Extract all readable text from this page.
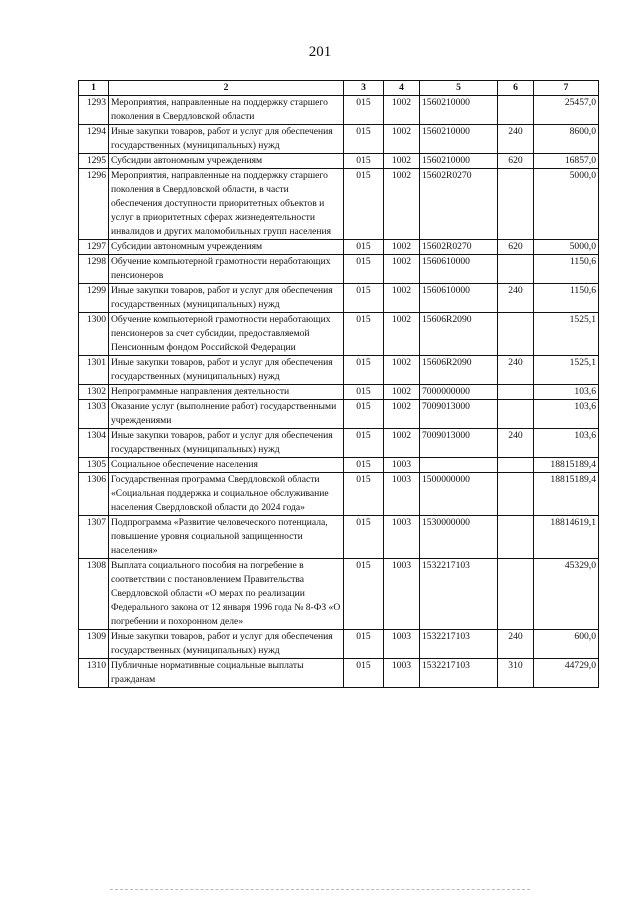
201
1	2	3	4	5	6	7
1293	Мероприятия, направленные на поддержку старшего поколения в Свердловской области	015	1002	1560210000		25457,0
1294	Иные закупки товаров, работ и услуг для обеспечения государственных (муниципальных) нужд	015	1002	1560210000	240	8600,0
1295	Субсидии автономным учреждениям	015	1002	1560210000	620	16857,0
1296	Мероприятия, направленные на поддержку старшего поколения в Свердловской области, в части обеспечения доступности приоритетных объектов и услуг в приоритетных сферах жизнедеятельности инвалидов и других маломобильных групп населения	015	1002	15602R0270		5000,0
1297	Субсидии автономным учреждениям	015	1002	15602R0270	620	5000,0
1298	Обучение компьютерной грамотности неработающих пенсионеров	015	1002	1560610000		1150,6
1299	Иные закупки товаров, работ и услуг для обеспечения государственных (муниципальных) нужд	015	1002	1560610000	240	1150,6
1300	Обучение компьютерной грамотности неработающих пенсионеров за счет субсидии, предоставляемой Пенсионным фондом Российской Федерации	015	1002	15606R2090		1525,1
1301	Иные закупки товаров, работ и услуг для обеспечения государственных (муниципальных) нужд	015	1002	15606R2090	240	1525,1
1302	Непрограммные направления деятельности	015	1002	7000000000		103,6
1303	Оказание услуг (выполнение работ) государственными учреждениями	015	1002	7009013000		103,6
1304	Иные закупки товаров, работ и услуг для обеспечения государственных (муниципальных) нужд	015	1002	7009013000	240	103,6
1305	Социальное обеспечение населения	015	1003			18815189,4
1306	Государственная программа Свердловской области «Социальная поддержка и социальное обслуживание населения Свердловской области до 2024 года»	015	1003	1500000000		18815189,4
1307	Подпрограмма «Развитие человеческого потенциала, повышение уровня социальной защищенности населения»	015	1003	1530000000		18814619,1
1308	Выплата социального пособия на погребение в соответствии с постановлением Правительства Свердловской области «О мерах по реализации Федерального закона от 12 января 1996 года № 8-ФЗ «О погребении и похоронном деле»	015	1003	1532217103		45329,0
1309	Иные закупки товаров, работ и услуг для обеспечения государственных (муниципальных) нужд	015	1003	1532217103	240	600,0
1310	Публичные нормативные социальные выплаты гражданам	015	1003	1532217103	310	44729,0
